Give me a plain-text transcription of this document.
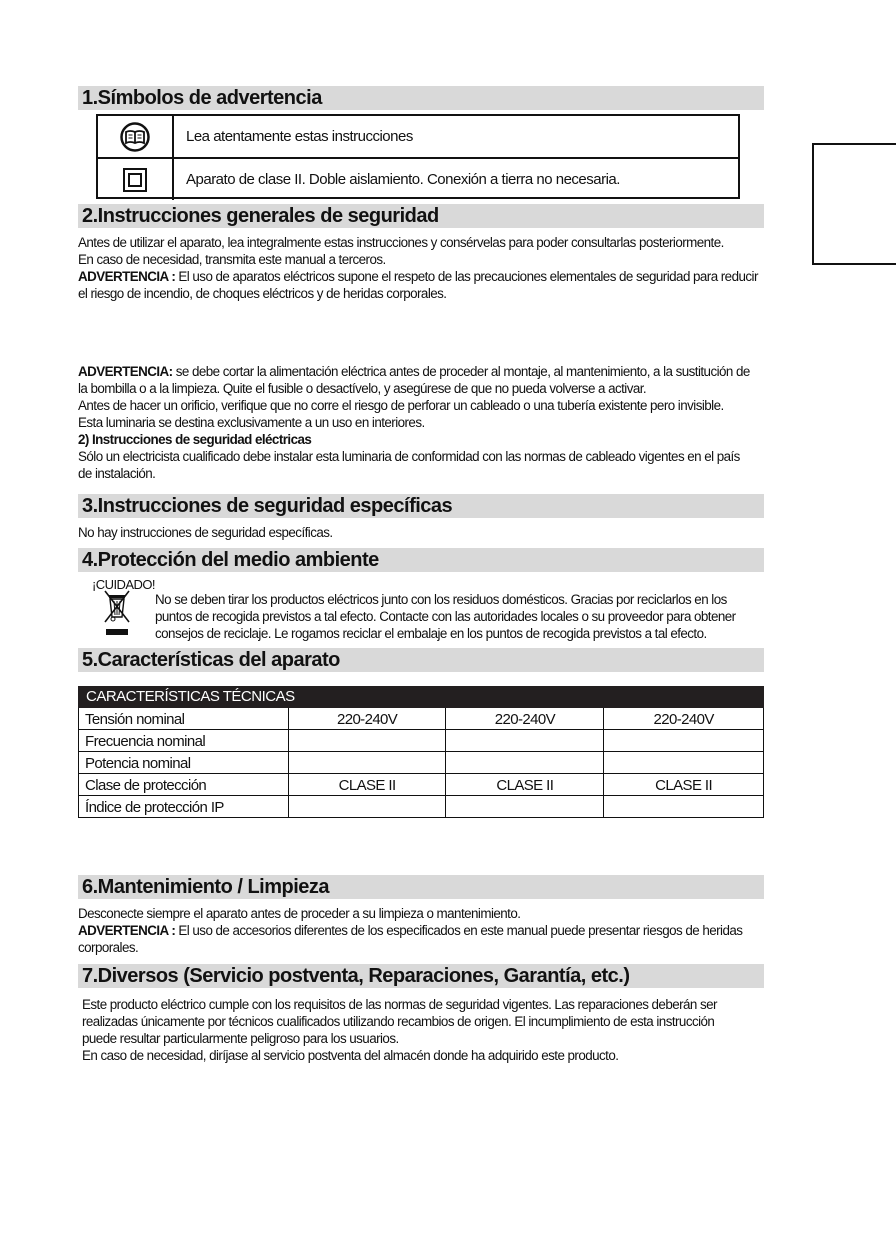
1.Símbolos de advertencia
Lea atentamente estas instrucciones
Aparato de clase II. Doble aislamiento. Conexión a tierra no necesaria.
2.Instrucciones generales de seguridad
Antes de utilizar el aparato, lea integralmente estas instrucciones y consérvelas para poder consultarlas posteriormente.
En caso de necesidad, transmita este manual a terceros.
ADVERTENCIA : El uso de aparatos eléctricos supone el respeto de las precauciones elementales de seguridad para reducir
el riesgo de incendio, de choques eléctricos y de heridas corporales.
ADVERTENCIA: se debe cortar la alimentación eléctrica antes de proceder al montaje, al mantenimiento, a la sustitución de
la bombilla o a la limpieza. Quite el fusible o desactívelo, y asegúrese de que no pueda volverse a activar.
Antes de hacer un orificio, verifique que no corre el riesgo de perforar un cableado o una tubería existente pero invisible.
Esta luminaria se destina exclusivamente a un uso en interiores.
2) Instrucciones de seguridad eléctricas
Sólo un electricista cualificado debe instalar esta luminaria de conformidad con las normas de cableado vigentes en el país
de instalación.
3.Instrucciones de seguridad específicas
No hay instrucciones de seguridad específicas.
4.Protección del medio ambiente
¡CUIDADO!
No se deben tirar los productos eléctricos junto con los residuos domésticos. Gracias por reciclarlos en los
puntos de recogida previstos a tal efecto. Contacte con las autoridades locales o su proveedor para obtener
consejos de reciclaje. Le rogamos reciclar el embalaje en los puntos de recogida previstos a tal efecto.
5.Características del aparato
CARACTERÍSTICAS TÉCNICAS
Tensión nominal	220-240V	220-240V	220-240V
Frecuencia nominal
Potencia nominal
Clase de protección	CLASE II	CLASE II	CLASE II
Índice de protección IP
6.Mantenimiento / Limpieza
Desconecte siempre el aparato antes de proceder a su limpieza o mantenimiento.
ADVERTENCIA : El uso de accesorios diferentes de los especificados en este manual puede presentar riesgos de heridas
corporales.
7.Diversos (Servicio postventa, Reparaciones, Garantía, etc.)
Este producto eléctrico cumple con los requisitos de las normas de seguridad vigentes. Las reparaciones deberán ser
realizadas únicamente por técnicos cualificados utilizando recambios de origen. El incumplimiento de esta instrucción
puede resultar particularmente peligroso para los usuarios.
En caso de necesidad, diríjase al servicio postventa del almacén donde ha adquirido este producto.
